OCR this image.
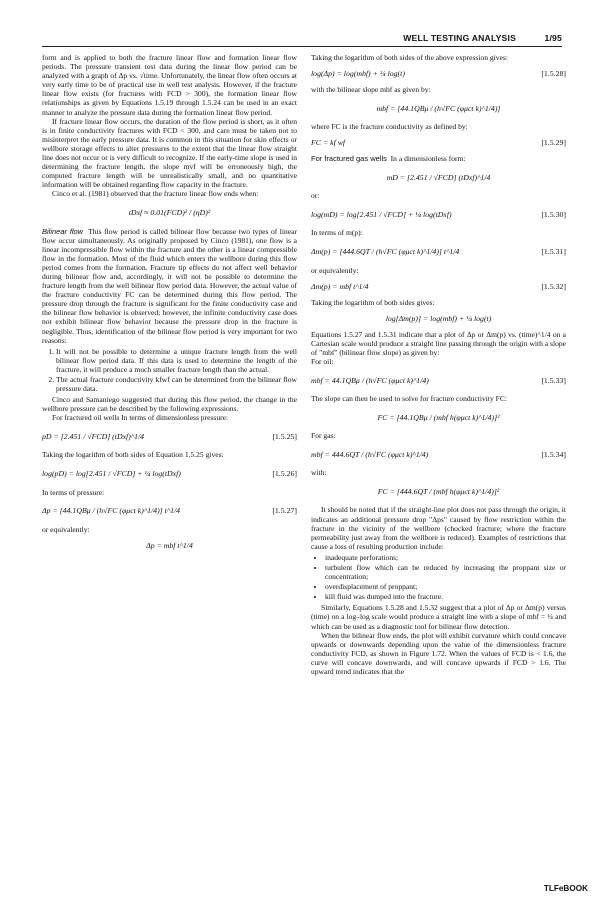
WELL TESTING ANALYSIS	1/95

form and is applied to both the fracture linear flow and formation linear flow periods. The pressure transient test data during the linear flow period can be analyzed with a graph of Δp vs. √time. Unfortunately, the linear flow often occurs at very early time to be of practical use in well test analysis. However, if the fracture linear flow exists (for fractures with FCD > 300), the formation linear flow relationships as given by Equations 1.5.19 through 1.5.24 can be used in an exact manner to analyze the pressure data during the formation linear flow period.

If fracture linear flow occurs, the duration of the flow period is short, as it often is in finite conductivity fractures with FCD < 300, and care must be taken not to misinterpret the early pressure data. It is common in this situation for skin effects or wellbore storage effects to alter pressures to the extent that the linear flow straight line does not occur or is very difficult to recognize. If the early-time slope is used in determining the fracture length, the slope mvf will be erroneously high, the computed fracture length will be unrealistically small, and no quantitative information will be obtained regarding flow capacity in the fracture.

Cinco et al. (1981) observed that the fracture linear flow ends when:

tDxf ≈ 0.01(FCD)² / (ηD)²

Bilinear flow This flow period is called bilinear flow because two types of linear flow occur simultaneously. As originally proposed by Cinco (1981), one flow is a linear incompressible flow within the fracture and the other is a linear compressible flow in the formation. Most of the fluid which enters the wellbore during this flow period comes from the formation. Fracture tip effects do not affect well behavior during bilinear flow and, accordingly, it will not be possible to determine the fracture length from the well bilinear flow period data. However, the actual value of the fracture conductivity FC can be determined during this flow period. The pressure drop through the fracture is significant for the finite conductivity case and the bilinear flow behavior is observed; however, the infinite conductivity case does not exhibit bilinear flow behavior because the pressure drop in the fracture is negligible. Thus, identification of the bilinear flow period is very important for two reasons:

1. It will not be possible to determine a unique fracture length from the well bilinear flow period data. If this data is used to determine the length of the fracture, it will produce a much smaller fracture length than the actual.
2. The actual fracture conductivity kfwf can be determined from the bilinear flow pressure data.

Cinco and Samaniego suggested that during this flow period, the change in the wellbore pressure can be described by the following expressions.

For fractured oil wells In terms of dimensionless pressure:

pD = [2.451 / √FCD] (tDxf)^1/4	[1.5.25]

Taking the logarithm of both sides of Equation 1.5.25 gives:

log(pD) = log[2.451 / √FCD] + ¼ log(tDxf)	[1.5.26]

In terms of pressure:

Δp = [44.1QBμ / (h√FC (φμct k)^1/4)] t^1/4	[1.5.27]

or equivalently:

Δp = mbf t^1/4

Taking the logarithm of both sides of the above expression gives:

log(Δp) = log(mbf) + ¼ log(t)	[1.5.28]

with the bilinear slope mbf as given by:

mbf = [44.1QBμ / (h√FC (φμct k)^1/4)]

where FC is the fracture conductivity as defined by:

FC = kf wf	[1.5.29]

For fractured gas wells In a dimensionless form:

mD = [2.451 / √FCD] (tDxf)^1/4

or:

log(mD) = log[2.451 / √FCD] + ¼ log(tDxf)	[1.5.30]

In terms of m(p):

Δm(p) = [444.6QT / (h√FC (φμct k)^1/4)] t^1/4	[1.5.31]

or equivalently:

Δm(p) = mbf t^1/4	[1.5.32]

Taking the logarithm of both sides gives:

log[Δm(p)] = log(mbf) + ¼ log(t)

Equations 1.5.27 and 1.5.31 indicate that a plot of Δp or Δm(p) vs. (time)^1/4 on a Cartesian scale would produce a straight line passing through the origin with a slope of "mbf" (bilinear flow slope) as given by:

For oil:

mbf = 44.1QBμ / (h√FC (φμct k)^1/4)	[1.5.33]

The slope can then be used to solve for fracture conductivity FC:

FC = [44.1QBμ / (mbf h(φμct k)^1/4)]²

For gas:

mbf = 444.6QT / (h√FC (φμct k)^1/4)	[1.5.34]

with:

FC = [444.6QT / (mbf h(φμct k)^1/4)]²

It should be noted that if the straight-line plot does not pass through the origin, it indicates an additional pressure drop "Δps" caused by flow restriction within the fracture in the vicinity of the wellbore (chocked fracture; where the fracture permeability just away from the wellbore is reduced). Examples of restrictions that cause a loss of resulting production include:

• inadequate perforations;
• turbulent flow which can be reduced by increasing the proppant size or concentration;
• overdisplacement of proppant;
• kill fluid was dumped into the fracture.

Similarly, Equations 1.5.28 and 1.5.32 suggest that a plot of Δp or Δm(p) versus (time) on a log–log scale would produce a straight line with a slope of mbf = ¼ and which can be used as a diagnostic tool for bilinear flow detection.

When the bilinear flow ends, the plot will exhibit curvature which could concave upwards or downwards depending upon the value of the dimensionless fracture conductivity FCD, as shown in Figure 1.72. When the values of FCD is < 1.6, the curve will concave downwards, and will concave upwards if FCD > 1.6. The upward trend indicates that the

TLFeBOOK
